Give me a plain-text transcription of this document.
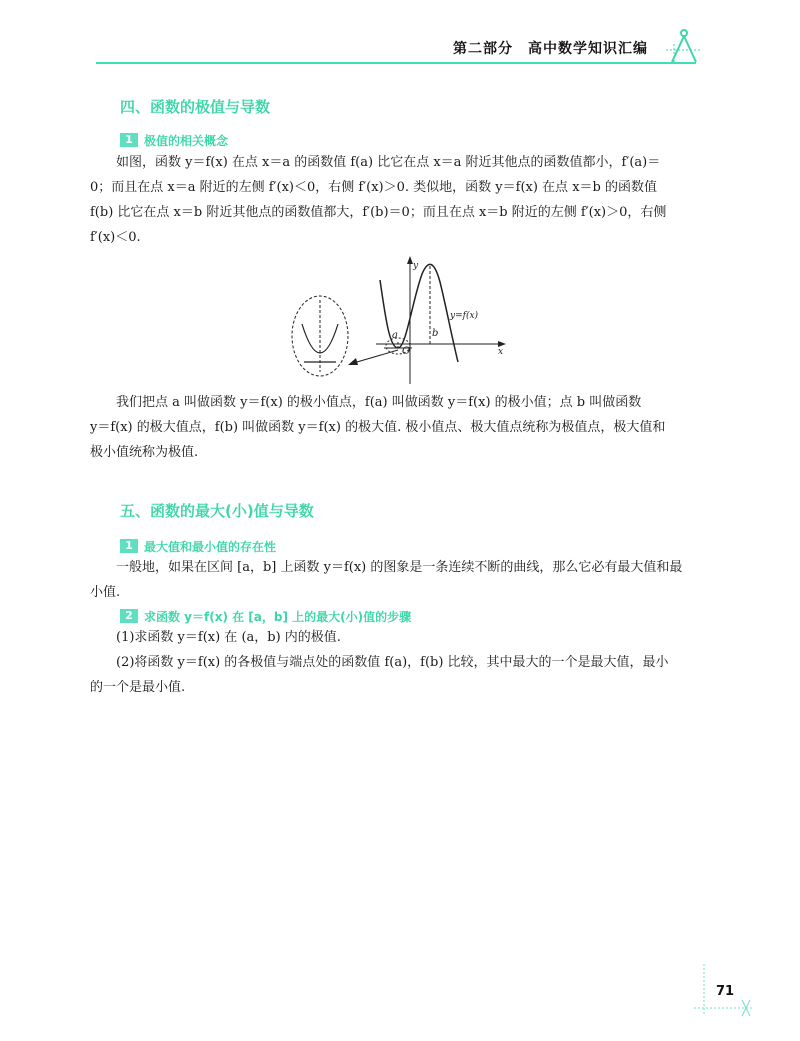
第二部分　高中数学知识汇编
四、函数的极值与导数
1 极值的相关概念
如图，函数 y＝f(x) 在点 x＝a 的函数值 f(a) 比它在点 x＝a 附近其他点的函数值都小，f′(a)＝
0；而且在点 x＝a 附近的左侧 f′(x)＜0，右侧 f′(x)＞0. 类似地，函数 y＝f(x) 在点 x＝b 的函数值
f(b) 比它在点 x＝b 附近其他点的函数值都大，f′(b)＝0；而且在点 x＝b 附近的左侧 f′(x)＞0，右侧
f′(x)＜0.
y
x
O
a	b
y=f(x)
我们把点 a 叫做函数 y＝f(x) 的极小值点，f(a) 叫做函数 y＝f(x) 的极小值；点 b 叫做函数
y＝f(x) 的极大值点，f(b) 叫做函数 y＝f(x) 的极大值. 极小值点、极大值点统称为极值点，极大值和
极小值统称为极值.
五、函数的最大(小)值与导数
1 最大值和最小值的存在性
一般地，如果在区间 [a，b] 上函数 y＝f(x) 的图象是一条连续不断的曲线，那么它必有最大值和最
小值.
2 求函数 y＝f(x) 在 [a，b] 上的最大(小)值的步骤
(1)求函数 y＝f(x) 在 (a，b) 内的极值.
(2)将函数 y＝f(x) 的各极值与端点处的函数值 f(a)，f(b) 比较，其中最大的一个是最大值，最小
的一个是最小值.
71
